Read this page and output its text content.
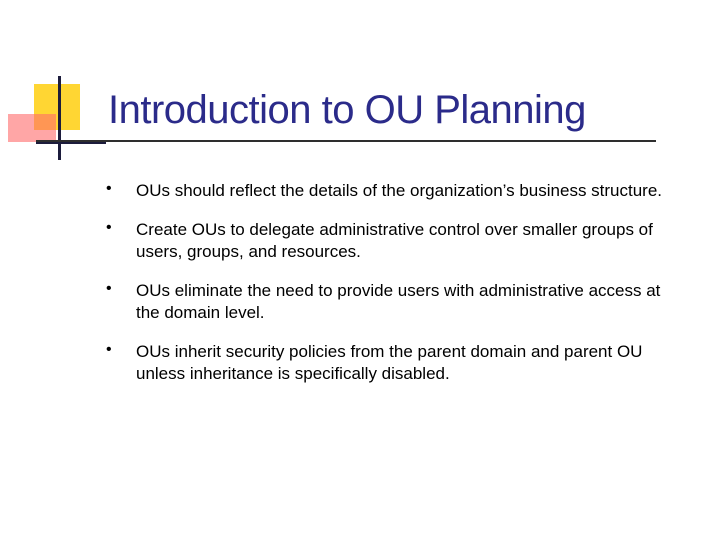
Introduction to OU Planning
• OUs should reflect the details of the organization’s business structure.
• Create OUs to delegate administrative control over smaller groups of users, groups, and resources.
• OUs eliminate the need to provide users with administrative access at the domain level.
• OUs inherit security policies from the parent domain and parent OU unless inheritance is specifically disabled.
